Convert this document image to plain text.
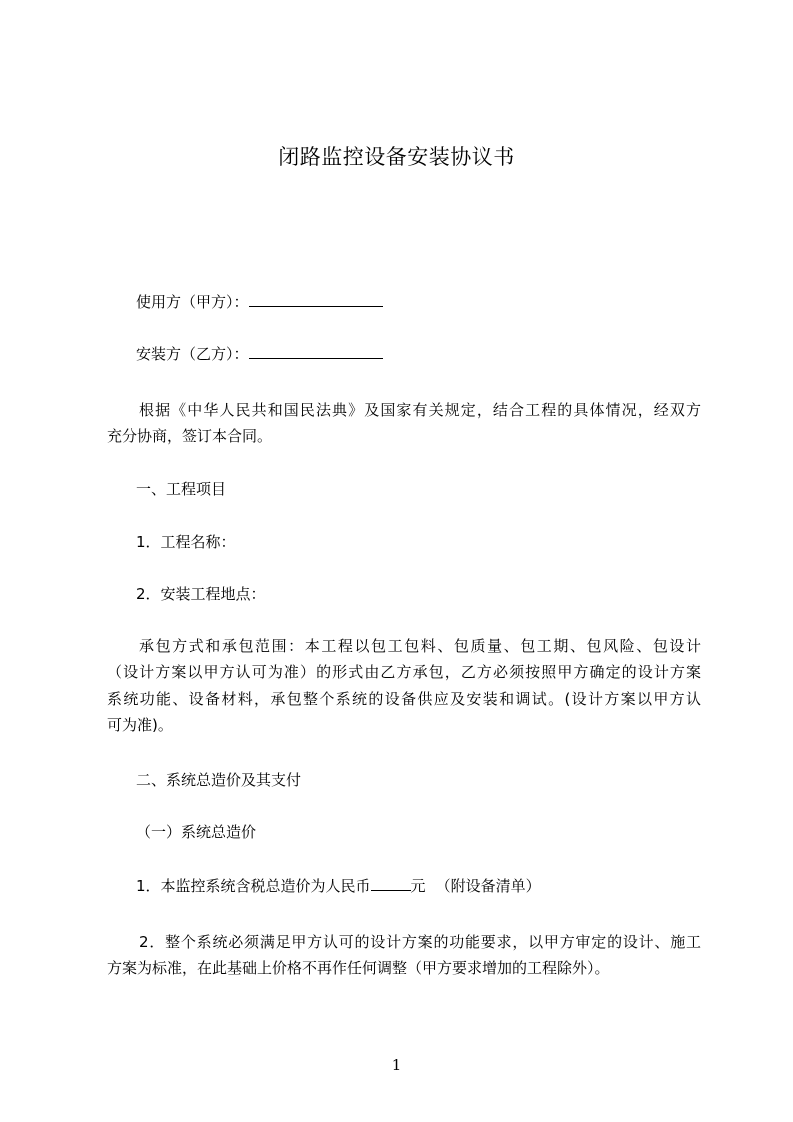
闭路监控设备安装协议书
使用方（甲方）：
安装方（乙方）：
根据《中华人民共和国民法典》及国家有关规定，结合工程的具体情况，经双方
充分协商，签订本合同。
一、工程项目
1．工程名称：
2．安装工程地点：
承包方式和承包范围：本工程以包工包料、包质量、包工期、包风险、包设计
（设计方案以甲方认可为准）的形式由乙方承包，乙方必须按照甲方确定的设计方案
系统功能、设备材料，承包整个系统的设备供应及安装和调试。(设计方案以甲方认
可为准)。
二、系统总造价及其支付
（一）系统总造价
1．本监控系统含税总造价为人民币	元 （附设备清单）
2．整个系统必须满足甲方认可的设计方案的功能要求，以甲方审定的设计、施工
方案为标准，在此基础上价格不再作任何调整（甲方要求增加的工程除外）。
1
